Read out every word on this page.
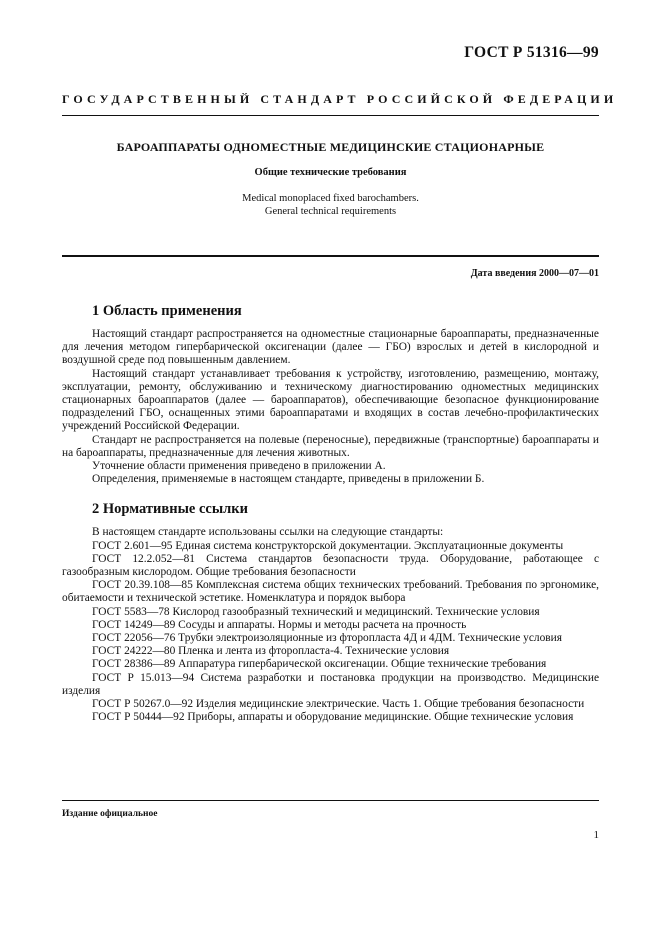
ГОСТ Р 51316—99
ГОСУДАРСТВЕННЫЙ СТАНДАРТ РОССИЙСКОЙ ФЕДЕРАЦИИ
БАРОАППАРАТЫ ОДНОМЕСТНЫЕ МЕДИЦИНСКИЕ СТАЦИОНАРНЫЕ
Общие технические требования
Medical monoplaced fixed barochambers.
General technical requirements
Дата введения 2000—07—01
1 Область применения

Настоящий стандарт распространяется на одноместные стационарные бароаппараты, предназначенные для лечения методом гипербарической оксигенации (далее — ГБО) взрослых и детей в кислородной и воздушной среде под повышенным давлением.

Настоящий стандарт устанавливает требования к устройству, изготовлению, размещению, монтажу, эксплуатации, ремонту, обслуживанию и техническому диагностированию одноместных медицинских стационарных бароаппаратов (далее — бароаппаратов), обеспечивающие безопасное функционирование подразделений ГБО, оснащенных этими бароаппаратами и входящих в состав лечебно-профилактических учреждений Российской Федерации.

Стандарт не распространяется на полевые (переносные), передвижные (транспортные) бароаппараты и на бароаппараты, предназначенные для лечения животных.

Уточнение области применения приведено в приложении А.

Определения, применяемые в настоящем стандарте, приведены в приложении Б.

2 Нормативные ссылки

В настоящем стандарте использованы ссылки на следующие стандарты:

ГОСТ 2.601—95 Единая система конструкторской документации. Эксплуатационные документы

ГОСТ 12.2.052—81 Система стандартов безопасности труда. Оборудование, работающее с газообразным кислородом. Общие требования безопасности

ГОСТ 20.39.108—85 Комплексная система общих технических требований. Требования по эргономике, обитаемости и технической эстетике. Номенклатура и порядок выбора

ГОСТ 5583—78 Кислород газообразный технический и медицинский. Технические условия

ГОСТ 14249—89 Сосуды и аппараты. Нормы и методы расчета на прочность

ГОСТ 22056—76 Трубки электроизоляционные из фторопласта 4Д и 4ДМ. Технические условия

ГОСТ 24222—80 Пленка и лента из фторопласта-4. Технические условия

ГОСТ 28386—89 Аппаратура гипербарической оксигенации. Общие технические требования

ГОСТ Р 15.013—94 Система разработки и постановка продукции на производство. Медицинские изделия

ГОСТ Р 50267.0—92 Изделия медицинские электрические. Часть 1. Общие требования безопасности

ГОСТ Р 50444—92 Приборы, аппараты и оборудование медицинские. Общие технические условия

Издание официальное
1
